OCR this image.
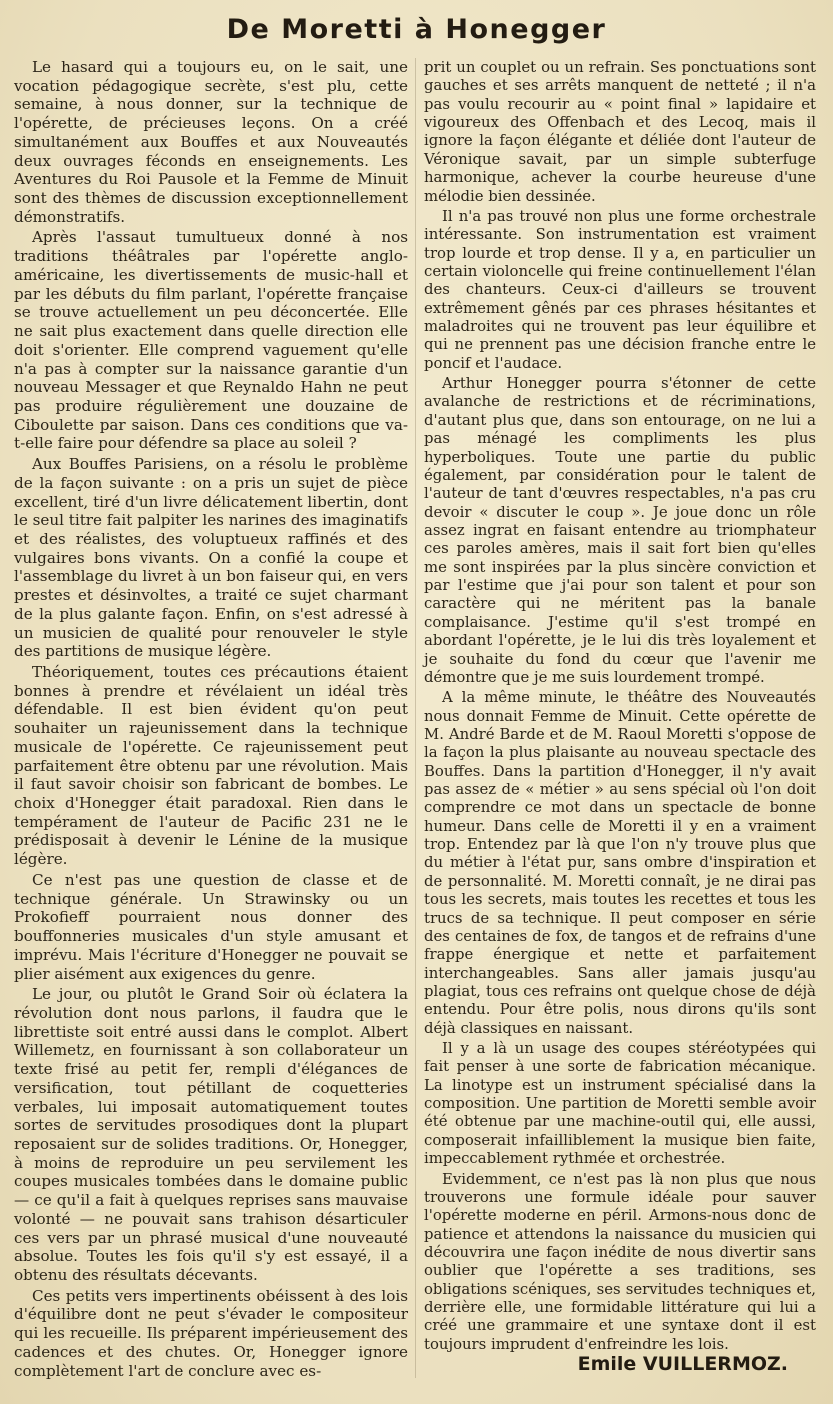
De Moretti à Honegger

Le hasard qui a toujours eu, on le sait, une vocation pédagogique secrète, s'est plu, cette semaine, à nous donner, sur la technique de l'opérette, de précieuses leçons. On a créé simultanément aux Bouffes et aux Nouveautés deux ouvrages féconds en enseignements. Les Aventures du Roi Pausole et la Femme de Minuit sont des thèmes de discussion exceptionnellement démonstratifs.

Après l'assaut tumultueux donné à nos traditions théâtrales par l'opérette anglo-américaine, les divertissements de music-hall et par les débuts du film parlant, l'opérette française se trouve actuellement un peu déconcertée. Elle ne sait plus exactement dans quelle direction elle doit s'orienter. Elle comprend vaguement qu'elle n'a pas à compter sur la naissance garantie d'un nouveau Messager et que Reynaldo Hahn ne peut pas produire régulièrement une douzaine de Ciboulette par saison. Dans ces conditions que va-t-elle faire pour défendre sa place au soleil ?

Aux Bouffes Parisiens, on a résolu le problème de la façon suivante : on a pris un sujet de pièce excellent, tiré d'un livre délicatement libertin, dont le seul titre fait palpiter les narines des imaginatifs et des réalistes, des voluptueux raffinés et des vulgaires bons vivants. On a confié la coupe et l'assemblage du livret à un bon faiseur qui, en vers prestes et désinvoltes, a traité ce sujet charmant de la plus galante façon. Enfin, on s'est adressé à un musicien de qualité pour renouveler le style des partitions de musique légère.

Théoriquement, toutes ces précautions étaient bonnes à prendre et révélaient un idéal très défendable. Il est bien évident qu'on peut souhaiter un rajeunissement dans la technique musicale de l'opérette. Ce rajeunissement peut parfaitement être obtenu par une révolution. Mais il faut savoir choisir son fabricant de bombes. Le choix d'Honegger était paradoxal. Rien dans le tempérament de l'auteur de Pacific 231 ne le prédisposait à devenir le Lénine de la musique légère.

Ce n'est pas une question de classe et de technique générale. Un Strawinsky ou un Prokofieff pourraient nous donner des bouffonneries musicales d'un style amusant et imprévu. Mais l'écriture d'Honegger ne pouvait se plier aisément aux exigences du genre.

Le jour, ou plutôt le Grand Soir où éclatera la révolution dont nous parlons, il faudra que le librettiste soit entré aussi dans le complot. Albert Willemetz, en fournissant à son collaborateur un texte frisé au petit fer, rempli d'élégances de versification, tout pétillant de coquetteries verbales, lui imposait automatiquement toutes sortes de servitudes prosodiques dont la plupart reposaient sur de solides traditions. Or, Honegger, à moins de reproduire un peu servilement les coupes musicales tombées dans le domaine public — ce qu'il a fait à quelques reprises sans mauvaise volonté — ne pouvait sans trahison désarticuler ces vers par un phrasé musical d'une nouveauté absolue. Toutes les fois qu'il s'y est essayé, il a obtenu des résultats décevants.

Ces petits vers impertinents obéissent à des lois d'équilibre dont ne peut s'évader le compositeur qui les recueille. Ils préparent impérieusement des cadences et des chutes. Or, Honegger ignore complètement l'art de conclure avec es-

prit un couplet ou un refrain. Ses ponctuations sont gauches et ses arrêts manquent de netteté ; il n'a pas voulu recourir au « point final » lapidaire et vigoureux des Offenbach et des Lecoq, mais il ignore la façon élégante et déliée dont l'auteur de Véronique savait, par un simple subterfuge harmonique, achever la courbe heureuse d'une mélodie bien dessinée.

Il n'a pas trouvé non plus une forme orchestrale intéressante. Son instrumentation est vraiment trop lourde et trop dense. Il y a, en particulier un certain violoncelle qui freine continuellement l'élan des chanteurs. Ceux-ci d'ailleurs se trouvent extrêmement gênés par ces phrases hésitantes et maladroites qui ne trouvent pas leur équilibre et qui ne prennent pas une décision franche entre le poncif et l'audace.

Arthur Honegger pourra s'étonner de cette avalanche de restrictions et de récriminations, d'autant plus que, dans son entourage, on ne lui a pas ménagé les compliments les plus hyperboliques. Toute une partie du public également, par considération pour le talent de l'auteur de tant d'œuvres respectables, n'a pas cru devoir « discuter le coup ». Je joue donc un rôle assez ingrat en faisant entendre au triomphateur ces paroles amères, mais il sait fort bien qu'elles me sont inspirées par la plus sincère conviction et par l'estime que j'ai pour son talent et pour son caractère qui ne méritent pas la banale complaisance. J'estime qu'il s'est trompé en abordant l'opérette, je le lui dis très loyalement et je souhaite du fond du cœur que l'avenir me démontre que je me suis lourdement trompé.

A la même minute, le théâtre des Nouveautés nous donnait Femme de Minuit. Cette opérette de M. André Barde et de M. Raoul Moretti s'oppose de la façon la plus plaisante au nouveau spectacle des Bouffes. Dans la partition d'Honegger, il n'y avait pas assez de « métier » au sens spécial où l'on doit comprendre ce mot dans un spectacle de bonne humeur. Dans celle de Moretti il y en a vraiment trop. Entendez par là que l'on n'y trouve plus que du métier à l'état pur, sans ombre d'inspiration et de personnalité. M. Moretti connaît, je ne dirai pas tous les secrets, mais toutes les recettes et tous les trucs de sa technique. Il peut composer en série des centaines de fox, de tangos et de refrains d'une frappe énergique et nette et parfaitement interchangeables. Sans aller jamais jusqu'au plagiat, tous ces refrains ont quelque chose de déjà entendu. Pour être polis, nous dirons qu'ils sont déjà classiques en naissant.

Il y a là un usage des coupes stéréotypées qui fait penser à une sorte de fabrication mécanique. La linotype est un instrument spécialisé dans la composition. Une partition de Moretti semble avoir été obtenue par une machine-outil qui, elle aussi, composerait infailliblement la musique bien faite, impeccablement rythmée et orchestrée.

Evidemment, ce n'est pas là non plus que nous trouverons une formule idéale pour sauver l'opérette moderne en péril. Armons-nous donc de patience et attendons la naissance du musicien qui découvrira une façon inédite de nous divertir sans oublier que l'opérette a ses traditions, ses obligations scéniques, ses servitudes techniques et, derrière elle, une formidable littérature qui lui a créé une grammaire et une syntaxe dont il est toujours imprudent d'enfreindre les lois.

Emile VUILLERMOZ.
